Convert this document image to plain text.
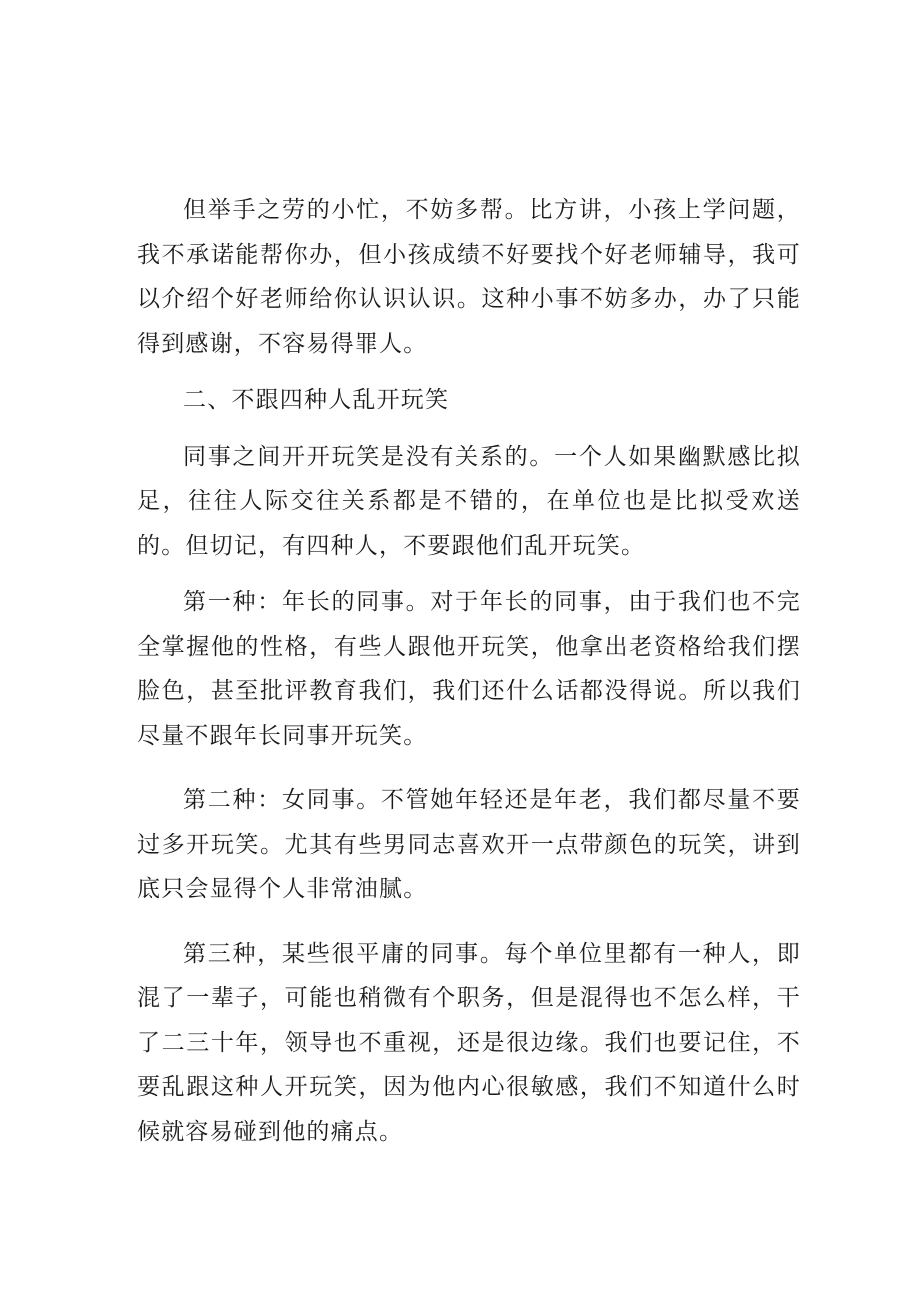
但举手之劳的小忙，不妨多帮。比方讲，小孩上学问题，我不承诺能帮你办，但小孩成绩不好要找个好老师辅导，我可以介绍个好老师给你认识认识。这种小事不妨多办，办了只能得到感谢，不容易得罪人。

二、不跟四种人乱开玩笑

同事之间开开玩笑是没有关系的。一个人如果幽默感比拟足，往往人际交往关系都是不错的，在单位也是比拟受欢送的。但切记，有四种人，不要跟他们乱开玩笑。

第一种：年长的同事。对于年长的同事，由于我们也不完全掌握他的性格，有些人跟他开玩笑，他拿出老资格给我们摆脸色，甚至批评教育我们，我们还什么话都没得说。所以我们尽量不跟年长同事开玩笑。

第二种：女同事。不管她年轻还是年老，我们都尽量不要过多开玩笑。尤其有些男同志喜欢开一点带颜色的玩笑，讲到底只会显得个人非常油腻。

第三种，某些很平庸的同事。每个单位里都有一种人，即混了一辈子，可能也稍微有个职务，但是混得也不怎么样，干了二三十年，领导也不重视，还是很边缘。我们也要记住，不要乱跟这种人开玩笑，因为他内心很敏感，我们不知道什么时候就容易碰到他的痛点。
